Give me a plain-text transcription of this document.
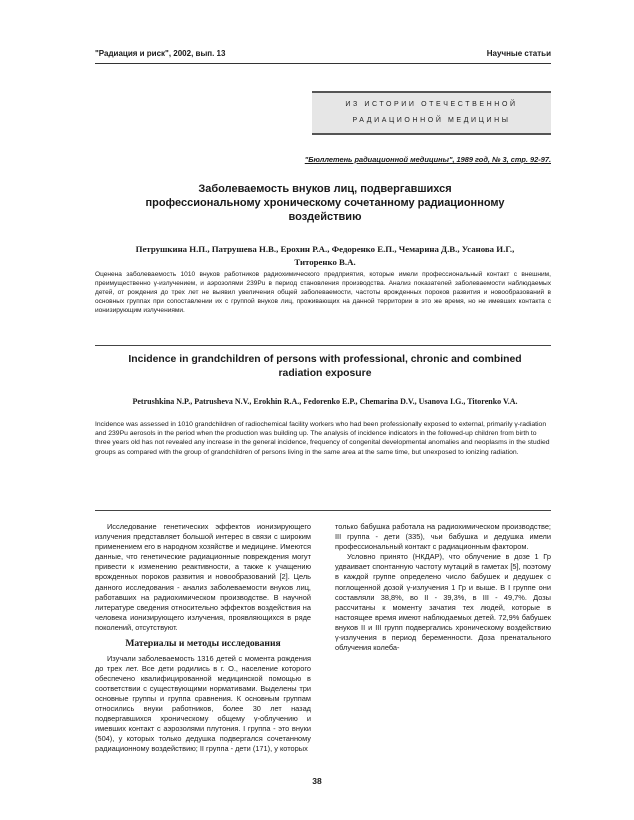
"Радиация и риск", 2002, вып. 13	Научные статьи
ИЗ ИСТОРИИ ОТЕЧЕСТВЕННОЙ
РАДИАЦИОННОЙ МЕДИЦИНЫ
"Бюллетень радиационной медицины", 1989 год, № 3, стр. 92-97.
Заболеваемость внуков лиц, подвергавшихся профессиональному хроническому сочетанному радиационному воздействию
Петрушкина Н.П., Патрушева Н.В., Ерохин Р.А., Федоренко Е.П., Чемарина Д.В., Усанова И.Г., Титоренко В.А.
Оценена заболеваемость 1010 внуков работников радиохимического предприятия, которые имели профессиональный контакт с внешним, преимущественно γ-излучением, и аэрозолями 239Pu в период становления производства. Анализ показателей заболеваемости наблюдаемых детей, от рождения до трех лет не выявил увеличения общей заболеваемости, частоты врожденных пороков развития и новообразований в основных группах при сопоставлении их с группой внуков лиц, проживающих на данной территории в это же время, но не имевших контакта с ионизирующим излучениями.
Incidence in grandchildren of persons with professional, chronic and combined radiation exposure
Petrushkina N.P., Patrusheva N.V., Erokhin R.A., Fedorenko E.P., Chemarina D.V., Usanova I.G., Titorenko V.A.
Incidence was assessed in 1010 grandchildren of radiochemical facility workers who had been professionally exposed to external, primarily γ-radiation and 239Pu aerosols in the period when the production was building up. The analysis of incidence indicators in the followed-up children from birth to three years old has not revealed any increase in the general incidence, frequency of congenital developmental anomalies and neoplasms in the studied groups as compared with the group of grandchildren of persons living in the same area at the same time, but unexposed to ionizing radiation.

Исследование генетических эффектов ионизирующего излучения представляет большой интерес в связи с широким применением его в народном хозяйстве и медицине. Имеются данные, что генетические радиационные повреждения могут привести к изменению реактивности, а также к учащению врожденных пороков развития и новообразований [2]. Цель данного исследования - анализ заболеваемости внуков лиц, работавших на радиохимическом производстве. В научной литературе сведения относительно эффектов воздействия на человека ионизирующего излучения, проявляющихся в ряде поколений, отсутствуют.

Материалы и методы исследования

Изучали заболеваемость 1316 детей с момента рождения до трех лет. Все дети родились в г. О., население которого обеспечено квалифицированной медицинской помощью в соответствии с существующими нормативами. Выделены три основные группы и группа сравнения. К основным группам относились внуки работников, более 30 лет назад подвергавшихся хроническому общему γ-облучению и имевших контакт с аэрозолями плутония. I группа - это внуки (504), у которых только дедушка подвергался сочетанному радиационному воздействию; II группа - дети (171), у которых

только бабушка работала на радиохимическом производстве; III группа - дети (335), чьи бабушка и дедушка имели профессиональный контакт с радиационным фактором.

Условно принято (НКДАР), что облучение в дозе 1 Гр удваивает спонтанную частоту мутаций в гаметах [5], поэтому в каждой группе определено число бабушек и дедушек с поглощенной дозой γ-излучения 1 Гр и выше. В I группе они составляли 38,8%, во II - 39,3%, в III - 49,7%. Дозы рассчитаны к моменту зачатия тех людей, которые в настоящее время имеют наблюдаемых детей. 72,9% бабушек внуков II и III групп подвергались хроническому воздействию γ-излучения в период беременности. Доза пренатального облучения колеба-

38
